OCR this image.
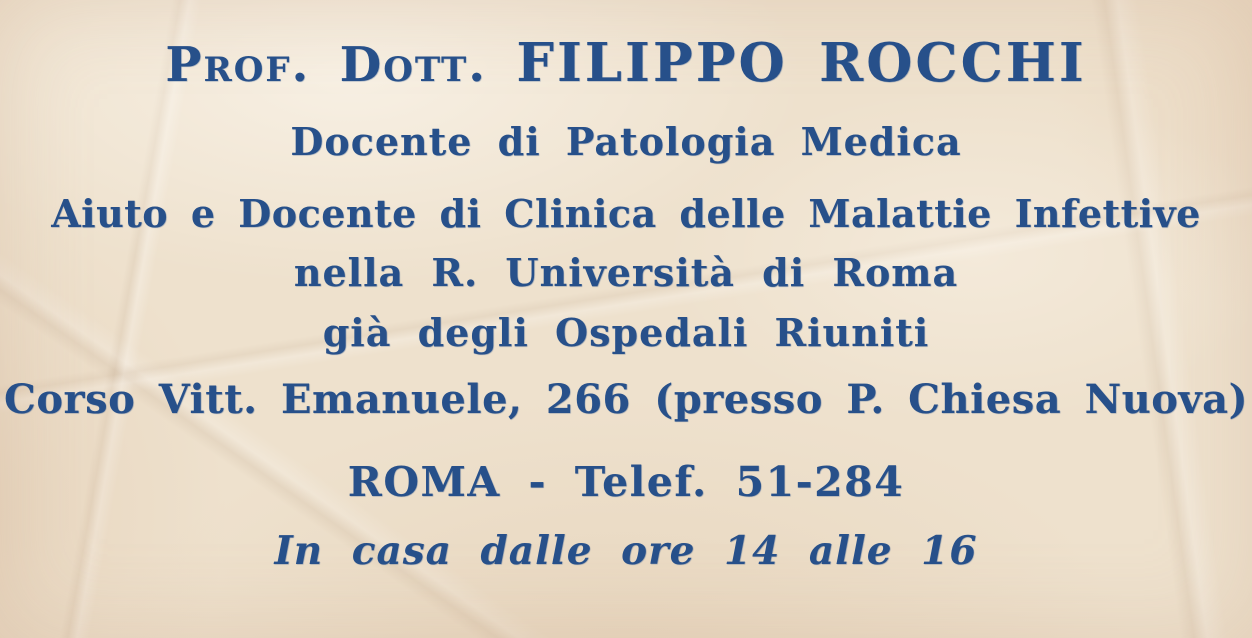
Prof. Dott. FILIPPO ROCCHI
Docente di Patologia Medica
Aiuto e Docente di Clinica delle Malattie Infettive
nella R. Università di Roma
già degli Ospedali Riuniti
Corso Vitt. Emanuele, 266 (presso P. Chiesa Nuova)
ROMA - Telef. 51-284
In casa dalle ore 14 alle 16
